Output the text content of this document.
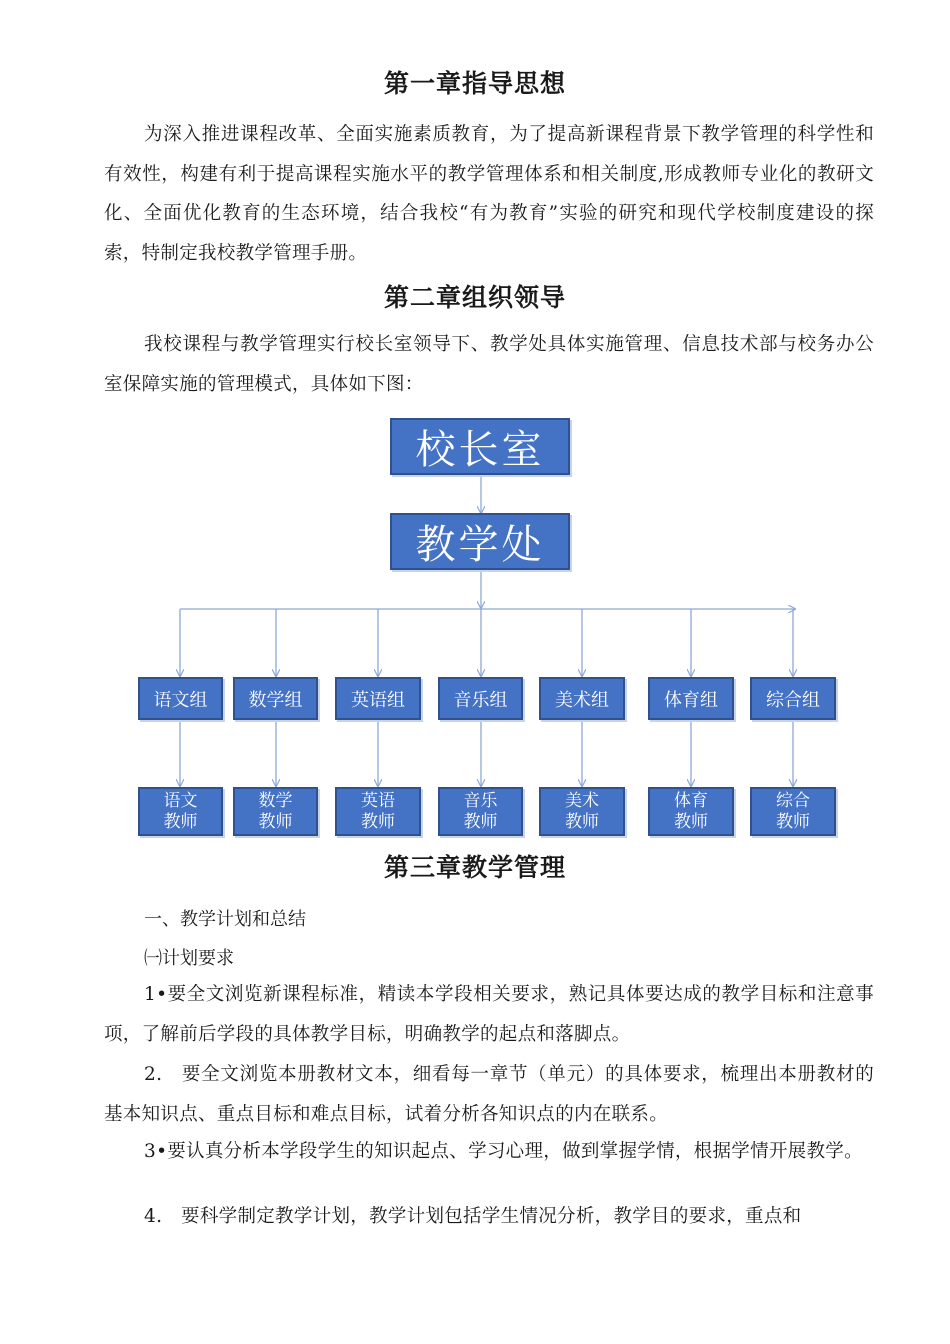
第一章指导思想

为深入推进课程改革、全面实施素质教育，为了提高新课程背景下教学管理的科学性和有效性，构建有利于提高课程实施水平的教学管理体系和相关制度,形成教师专业化的教研文化、全面优化教育的生态环境，结合我校“有为教育”实验的研究和现代学校制度建设的探索，特制定我校教学管理手册。

第二章组织领导

我校课程与教学管理实行校长室领导下、教学处具体实施管理、信息技术部与校务办公室保障实施的管理模式，具体如下图：

校长室
教学处
语文组	数学组	英语组	音乐组	美术组	体育组	综合组
语文
教师
数学
教师
英语
教师
音乐
教师
美术
教师
体育
教师
综合
教师
第三章教学管理

一、教学计划和总结

㈠计划要求

1•要全文浏览新课程标准，精读本学段相关要求，熟记具体要达成的教学目标和注意事项，了解前后学段的具体教学目标，明确教学的起点和落脚点。

2.　要全文浏览本册教材文本，细看每一章节（单元）的具体要求，梳理出本册教材的基本知识点、重点目标和难点目标，试着分析各知识点的内在联系。

3•要认真分析本学段学生的知识起点、学习心理，做到掌握学情，根据学情开展教学。

4.　要科学制定教学计划，教学计划包括学生情况分析，教学目的要求，重点和
